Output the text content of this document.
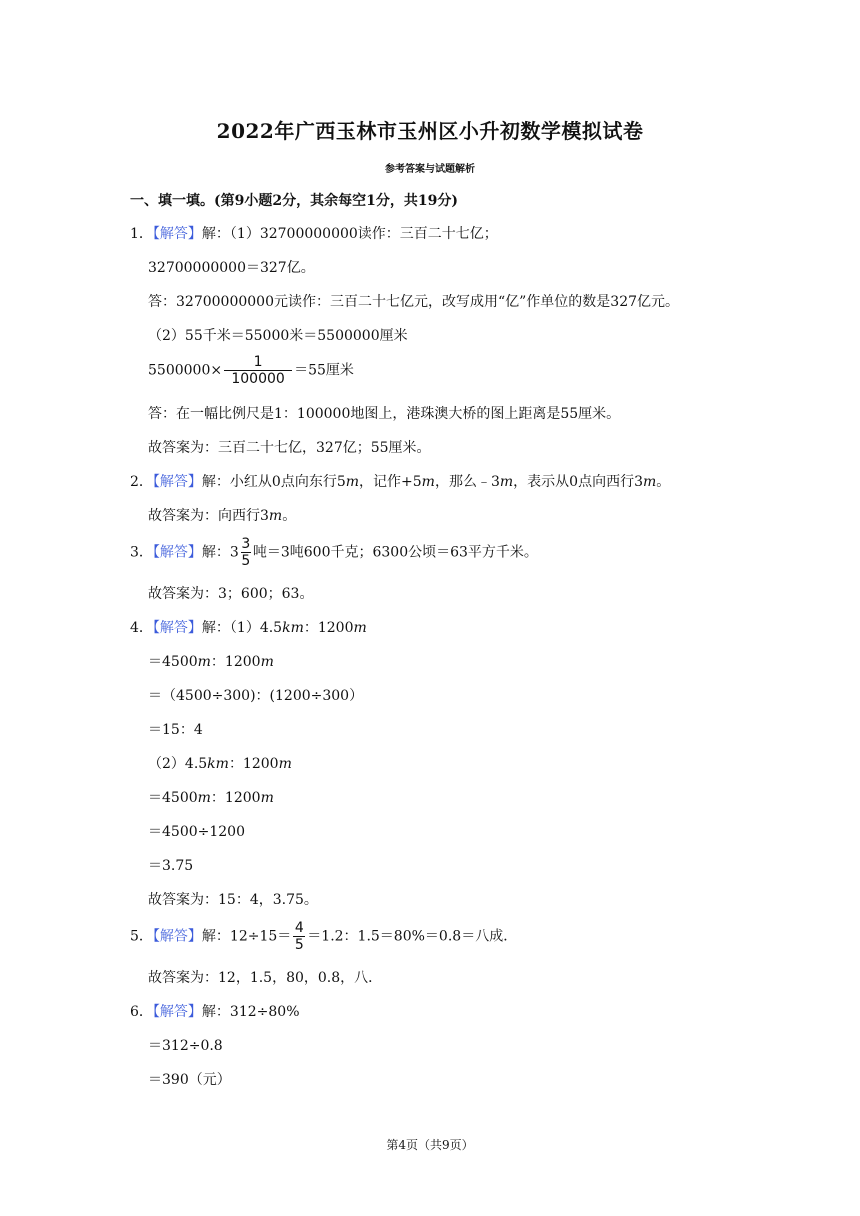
2022年广西玉林市玉州区小升初数学模拟试卷
参考答案与试题解析
一、填一填。(第9小题2分，其余每空1分，共19分)
1．【解答】解：（1）32700000000读作：三百二十七亿；
32700000000＝327亿。
答：32700000000元读作：三百二十七亿元，改写成用“亿”作单位的数是327亿元。
（2）55千米＝55000米＝5500000厘米
$5500000\times \frac{1}{100000} =55$厘米
答：在一幅比例尺是1：100000地图上，港珠澳大桥的图上距离是55厘米。
故答案为：三百二十七亿，327亿；55厘米。
2．【解答】解：小红从0点向东行5m，记作+5m，那么﹣3m，表示从0点向西行3m。
故答案为：向西行3m。
3．【解答】解：$3 \frac{3}{5}$ 吨＝3吨600千克；6300公顷＝63平方千米。
故答案为：3；600；63。
4．【解答】解：（1）4.5km：1200m
＝4500m：1200m
＝（4500÷300)：(1200÷300）
＝15：4
（2）4.5km：1200m
＝4500m：1200m
＝4500÷1200
＝3.75
故答案为：15：4，3.75。
5．【解答】解：$12\div 15= \frac{4}{5} =1.2$：1.5＝80%＝0.8＝八成．
故答案为：12，1.5，80，0.8，八．
6．【解答】解：312÷80%
＝312÷0.8
＝390（元）
第4页（共9页）
